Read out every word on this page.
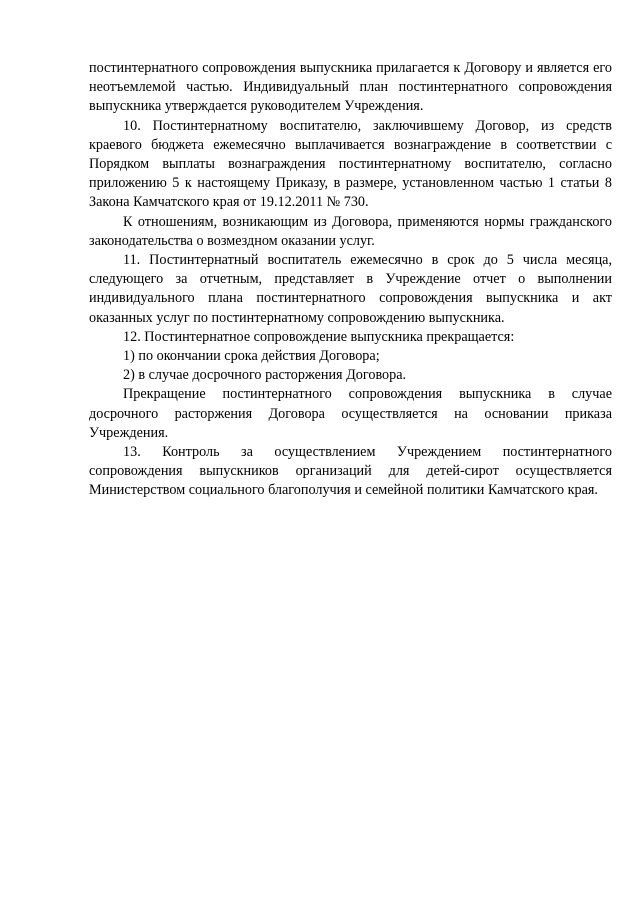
постинтернатного сопровождения выпускника прилагается к Договору и является его неотъемлемой частью. Индивидуальный план постинтернатного сопровождения выпускника утверждается руководителем Учреждения.

10. Постинтернатному воспитателю, заключившему Договор, из средств краевого бюджета ежемесячно выплачивается вознаграждение в соответствии с Порядком выплаты вознаграждения постинтернатному воспитателю, согласно приложению 5 к настоящему Приказу, в размере, установленном частью 1 статьи 8 Закона Камчатского края от 19.12.2011 № 730.

К отношениям, возникающим из Договора, применяются нормы гражданского законодательства о возмездном оказании услуг.

11. Постинтернатный воспитатель ежемесячно в срок до 5 числа месяца, следующего за отчетным, представляет в Учреждение отчет о выполнении индивидуального плана постинтернатного сопровождения выпускника и акт оказанных услуг по постинтернатному сопровождению выпускника.

12. Постинтернатное сопровождение выпускника прекращается:

1) по окончании срока действия Договора;

2) в случае досрочного расторжения Договора.

Прекращение постинтернатного сопровождения выпускника в случае досрочного расторжения Договора осуществляется на основании приказа Учреждения.

13. Контроль за осуществлением Учреждением постинтернатного сопровождения выпускников организаций для детей-сирот осуществляется Министерством социального благополучия и семейной политики Камчатского края.
